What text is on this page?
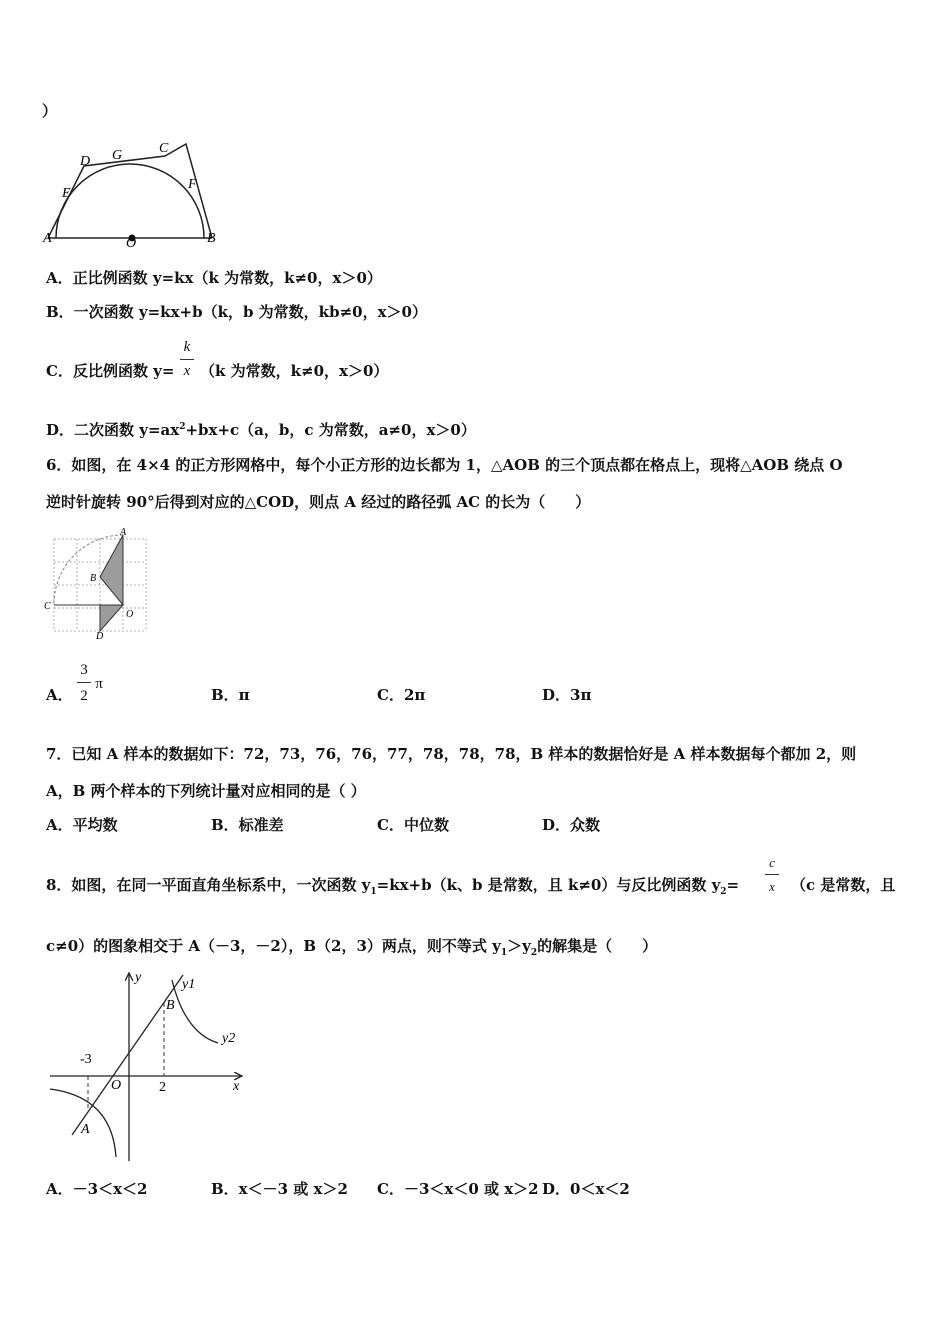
）
A	B
C
D
E
F
G
O
A．正比例函数 y=kx（k 为常数，k≠0，x＞0）
B．一次函数 y=kx+b（k，b 为常数，kb≠0，x＞0）
C．反比例函数 y=
k
x （k 为常数，k≠0，x＞0）
D．二次函数 $y=ax^2+bx+c(a$，b，c 为常数，a≠0，x＞0）
6．如图，在 4×4 的正方形网格中，每个小正方形的边长都为 1，△AOB 的三个顶点都在格点上，现将△AOB 绕点 O
逆时针旋转 90°后得到对应的△COD，则点 A 经过的路径弧 AC 的长为（　　）
A
B
C
O
D
A．
3
2
π
B．π	C．2π	D．3π
7．已知 A 样本的数据如下：72，73，76，76，77，78，78，78，B 样本的数据恰好是 A 样本数据每个都加 2，则
A，B 两个样本的下列统计量对应相同的是（ ）
A．平均数	B．标准差	C．中位数	D．众数
8．如图，在同一平面直角坐标系中，一次函数 $y_1=kx+b(k$、b 是常数，且 k≠0）与反比例函数 $y_2=$
c
x （c 是常数，且
c≠0）的图象相交于 A（－3，－2），B（2，3）两点，则不等式 $y_1>y_2$的解集是（　　）
y	y1
B
y2
-3
O	2	x
A
A．－3＜x＜2	B．x＜－3 或 x＞2 C．－3＜x＜0 或 x＞2 D．0＜x＜2
